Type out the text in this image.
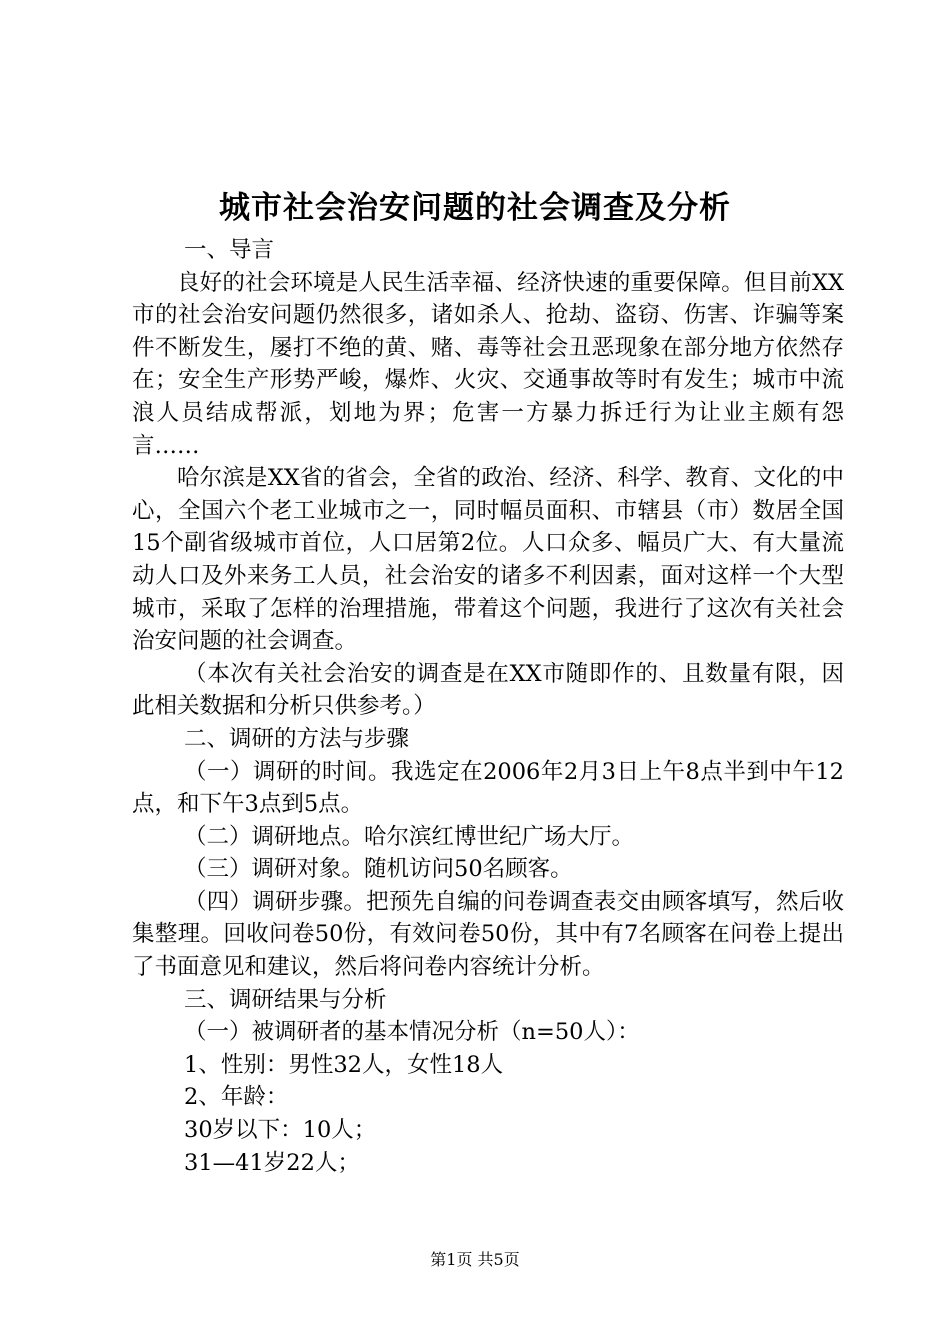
城市社会治安问题的社会调查及分析

一、导言

良好的社会环境是人民生活幸福、经济快速的重要保障。但目前XX市的社会治安问题仍然很多，诸如杀人、抢劫、盗窃、伤害、诈骗等案件不断发生，屡打不绝的黄、赌、毒等社会丑恶现象在部分地方依然存在；安全生产形势严峻，爆炸、火灾、交通事故等时有发生；城市中流浪人员结成帮派，划地为界；危害一方暴力拆迁行为让业主颇有怨言……

哈尔滨是XX省的省会，全省的政治、经济、科学、教育、文化的中心，全国六个老工业城市之一，同时幅员面积、市辖县（市）数居全国15个副省级城市首位，人口居第2位。人口众多、幅员广大、有大量流动人口及外来务工人员，社会治安的诸多不利因素，面对这样一个大型城市，采取了怎样的治理措施，带着这个问题，我进行了这次有关社会治安问题的社会调查。

（本次有关社会治安的调查是在XX市随即作的、且数量有限，因此相关数据和分析只供参考。）

二、调研的方法与步骤

（一）调研的时间。我选定在2006年2月3日上午8点半到中午12点，和下午3点到5点。

（二）调研地点。哈尔滨红博世纪广场大厅。

（三）调研对象。随机访问50名顾客。

（四）调研步骤。把预先自编的问卷调查表交由顾客填写，然后收集整理。回收问卷50份，有效问卷50份，其中有7名顾客在问卷上提出了书面意见和建议，然后将问卷内容统计分析。

三、调研结果与分析

（一）被调研者的基本情况分析（n=50人）：

1、性别：男性32人，女性18人

2、年龄：

30岁以下：10人；

31—41岁22人；

第1页 共5页
